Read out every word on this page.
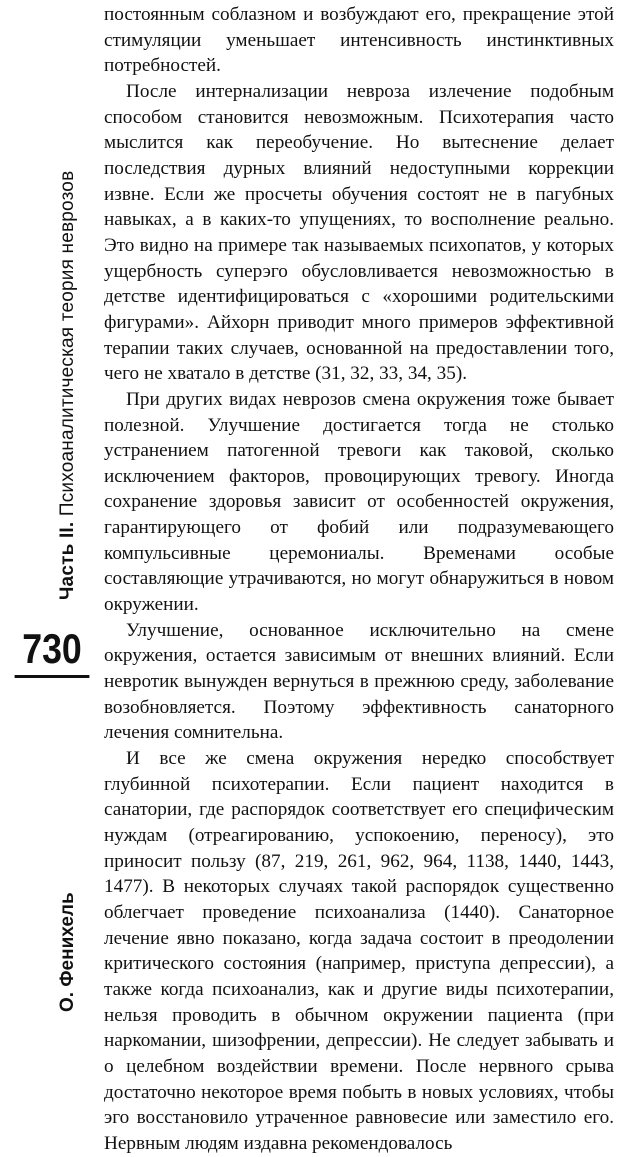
Часть II. Психоаналитическая теория неврозов
730
О. Фенихель

постоянным соблазном и возбуждают его, прекращение этой стимуляции уменьшает интенсивность инстинктивных потребностей.

После интернализации невроза излечение подобным способом становится невозможным. Психотерапия часто мыслится как переобучение. Но вытеснение делает последствия дурных влияний недоступными коррекции извне. Если же просчеты обучения состоят не в пагубных навыках, а в каких-то упущениях, то восполнение реально. Это видно на примере так называемых психопатов, у которых ущербность суперэго обусловливается невозможностью в детстве идентифицироваться с «хорошими родительскими фигурами». Айхорн приводит много примеров эффективной терапии таких случаев, основанной на предоставлении того, чего не хватало в детстве (31, 32, 33, 34, 35).

При других видах неврозов смена окружения тоже бывает полезной. Улучшение достигается тогда не столько устранением патогенной тревоги как таковой, сколько исключением факторов, провоцирующих тревогу. Иногда сохранение здоровья зависит от особенностей окружения, гарантирующего от фобий или подразумевающего компульсивные церемониалы. Временами особые составляющие утрачиваются, но могут обнаружиться в новом окружении.

Улучшение, основанное исключительно на смене окружения, остается зависимым от внешних влияний. Если невротик вынужден вернуться в прежнюю среду, заболевание возобновляется. Поэтому эффективность санаторного лечения сомнительна.

И все же смена окружения нередко способствует глубинной психотерапии. Если пациент находится в санатории, где распорядок соответствует его специфическим нуждам (отреагированию, успокоению, переносу), это приносит пользу (87, 219, 261, 962, 964, 1138, 1440, 1443, 1477). В некоторых случаях такой распорядок существенно облегчает проведение психоанализа (1440). Санаторное лечение явно показано, когда задача состоит в преодолении критического состояния (например, приступа депрессии), а также когда психоанализ, как и другие виды психотерапии, нельзя проводить в обычном окружении пациента (при наркомании, шизофрении, депрессии). Не следует забывать и о целебном воздействии времени. После нервного срыва достаточно некоторое время побыть в новых условиях, чтобы эго восстановило утраченное равновесие или заместило его. Нервным людям издавна рекомендовалось
